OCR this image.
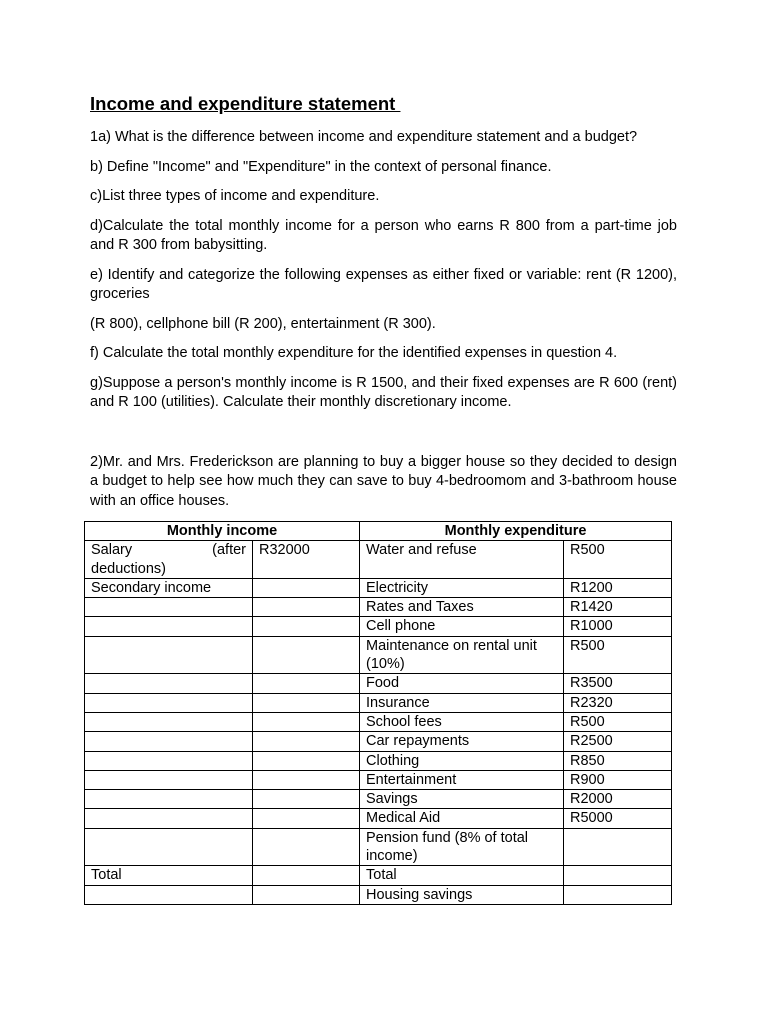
Income and expenditure statement

1a) What is the difference between income and expenditure statement and a budget?

b) Define "Income" and "Expenditure" in the context of personal finance.

c)List three types of income and expenditure.

d)Calculate the total monthly income for a person who earns R 800 from a part-time job and R 300 from babysitting.

e) Identify and categorize the following expenses as either fixed or variable: rent (R 1200), groceries

(R 800), cellphone bill (R 200), entertainment (R 300).

f) Calculate the total monthly expenditure for the identified expenses in question 4.

g)Suppose a person's monthly income is R 1500, and their fixed expenses are R 600 (rent) and R 100 (utilities). Calculate their monthly discretionary income.

2)Mr. and Mrs. Frederickson are planning to buy a bigger house so they decided to design a budget to help see how much they can save to buy 4-bedroomom and 3-bathroom house with an office houses.

Monthly income		Monthly expenditure	

Salary (after
deductions)	R32000	Water and refuse	R500
Secondary income		Electricity	R1200
		Rates and Taxes	R1420
		Cell phone	R1000
		Maintenance on rental unit (10%)	R500
		Food	R3500
		Insurance	R2320
		School fees	R500
		Car repayments	R2500
		Clothing	R850
		Entertainment	R900
		Savings	R2000
		Medical Aid	R5000
		Pension fund (8% of total income)	
Total		Total	
		Housing savings	
